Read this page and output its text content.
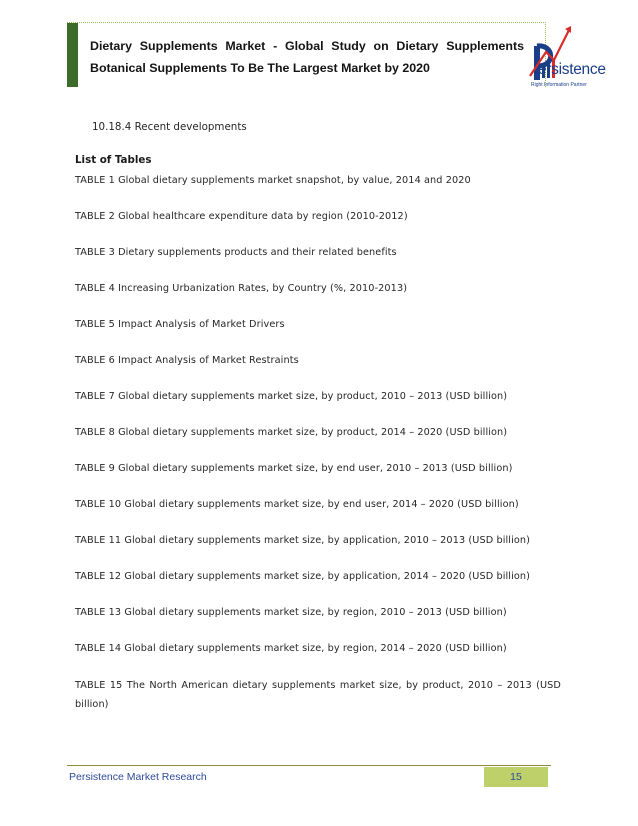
Dietary Supplements Market - Global Study on Dietary Supplements
Botanical Supplements To Be The Largest Market by 2020	ersistence
Right Information Partner
10.18.4 Recent developments
List of Tables
TABLE 1 Global dietary supplements market snapshot, by value, 2014 and 2020
TABLE 2 Global healthcare expenditure data by region (2010-2012)
TABLE 3 Dietary supplements products and their related benefits
TABLE 4 Increasing Urbanization Rates, by Country (%, 2010-2013)
TABLE 5 Impact Analysis of Market Drivers
TABLE 6 Impact Analysis of Market Restraints
TABLE 7 Global dietary supplements market size, by product, 2010 – 2013 (USD billion)
TABLE 8 Global dietary supplements market size, by product, 2014 – 2020 (USD billion)
TABLE 9 Global dietary supplements market size, by end user, 2010 – 2013 (USD billion)
TABLE 10 Global dietary supplements market size, by end user, 2014 – 2020 (USD billion)
TABLE 11 Global dietary supplements market size, by application, 2010 – 2013 (USD billion)
TABLE 12 Global dietary supplements market size, by application, 2014 – 2020 (USD billion)
TABLE 13 Global dietary supplements market size, by region, 2010 – 2013 (USD billion)
TABLE 14 Global dietary supplements market size, by region, 2014 – 2020 (USD billion)
TABLE 15 The North American dietary supplements market size, by product, 2010 – 2013 (USD billion)
Persistence Market Research	15
